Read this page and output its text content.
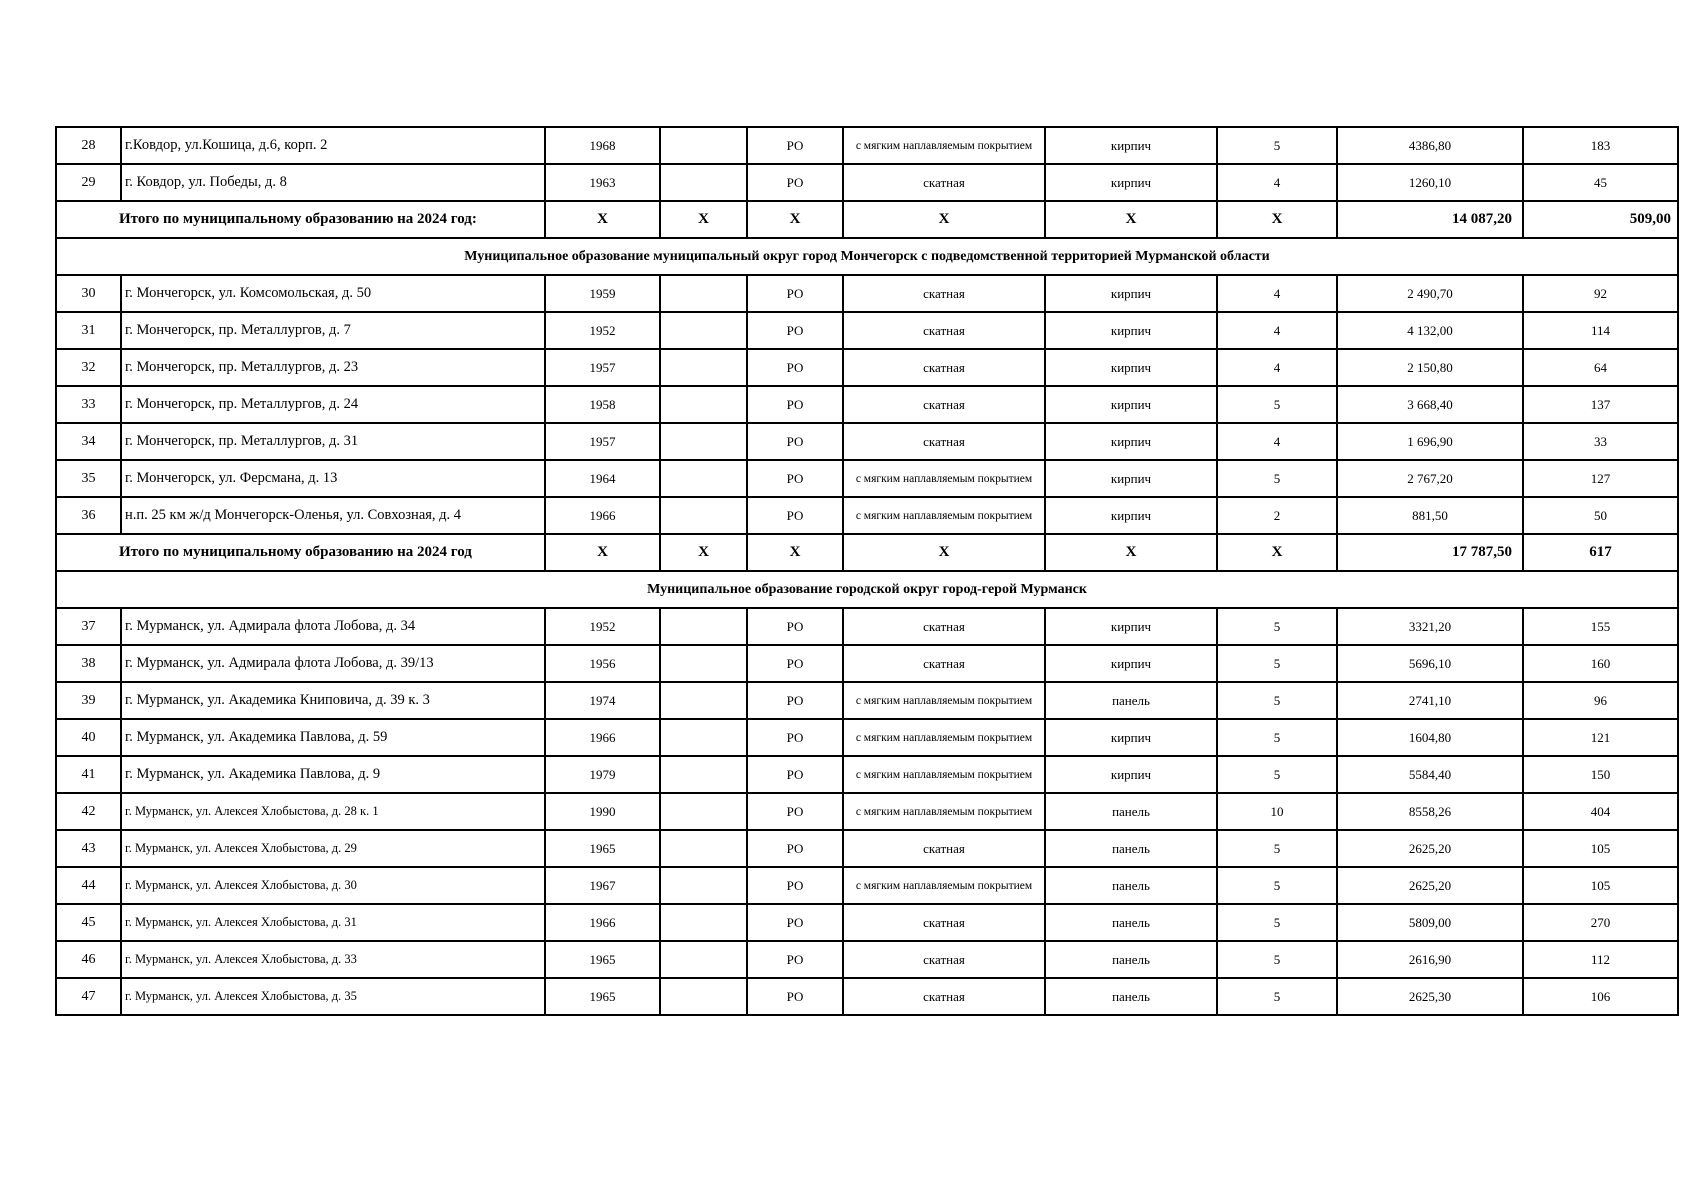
28	г.Ковдор, ул.Кошица, д.6, корп. 2	1968		РО	с мягким наплавляемым покрытием	кирпич	5	4386,80	183
29	г. Ковдор, ул. Победы, д. 8	1963		РО	скатная	кирпич	4	1260,10	45
Итого по муниципальному образованию на 2024 год:		X	X	X	X	X	X	14 087,20	509,00
Муниципальное образование муниципальный округ город Мончегорск с подведомственной территорией Мурманской области									
30	г. Мончегорск, ул. Комсомольская, д. 50	1959		РО	скатная	кирпич	4	2 490,70	92
31	г. Мончегорск, пр. Металлургов, д. 7	1952		РО	скатная	кирпич	4	4 132,00	114
32	г. Мончегорск, пр. Металлургов, д. 23	1957		РО	скатная	кирпич	4	2 150,80	64
33	г. Мончегорск, пр. Металлургов, д. 24	1958		РО	скатная	кирпич	5	3 668,40	137
34	г. Мончегорск, пр. Металлургов, д. 31	1957		РО	скатная	кирпич	4	1 696,90	33
35	г. Мончегорск, ул. Ферсмана, д. 13	1964		РО	с мягким наплавляемым покрытием	кирпич	5	2 767,20	127
36	н.п. 25 км ж/д Мончегорск-Оленья, ул. Совхозная, д. 4	1966		РО	с мягким наплавляемым покрытием	кирпич	2	881,50	50
Итого по муниципальному образованию на 2024 год		X	X	X	X	X	X	17 787,50	617
Муниципальное образование городской округ город-герой Мурманск									
37	г. Мурманск, ул. Адмирала флота Лобова, д. 34	1952		РО	скатная	кирпич	5	3321,20	155
38	г. Мурманск, ул. Адмирала флота Лобова, д. 39/13	1956		РО	скатная	кирпич	5	5696,10	160
39	г. Мурманск, ул. Академика Книповича, д. 39 к. 3	1974		РО	с мягким наплавляемым покрытием	панель	5	2741,10	96
40	г. Мурманск, ул. Академика Павлова, д. 59	1966		РО	с мягким наплавляемым покрытием	кирпич	5	1604,80	121
41	г. Мурманск, ул. Академика Павлова, д. 9	1979		РО	с мягким наплавляемым покрытием	кирпич	5	5584,40	150
42	г. Мурманск, ул. Алексея Хлобыстова, д. 28 к. 1	1990		РО	с мягким наплавляемым покрытием	панель	10	8558,26	404
43	г. Мурманск, ул. Алексея Хлобыстова, д. 29	1965		РО	скатная	панель	5	2625,20	105
44	г. Мурманск, ул. Алексея Хлобыстова, д. 30	1967		РО	с мягким наплавляемым покрытием	панель	5	2625,20	105
45	г. Мурманск, ул. Алексея Хлобыстова, д. 31	1966		РО	скатная	панель	5	5809,00	270
46	г. Мурманск, ул. Алексея Хлобыстова, д. 33	1965		РО	скатная	панель	5	2616,90	112
47	г. Мурманск, ул. Алексея Хлобыстова, д. 35	1965		РО	скатная	панель	5	2625,30	106
